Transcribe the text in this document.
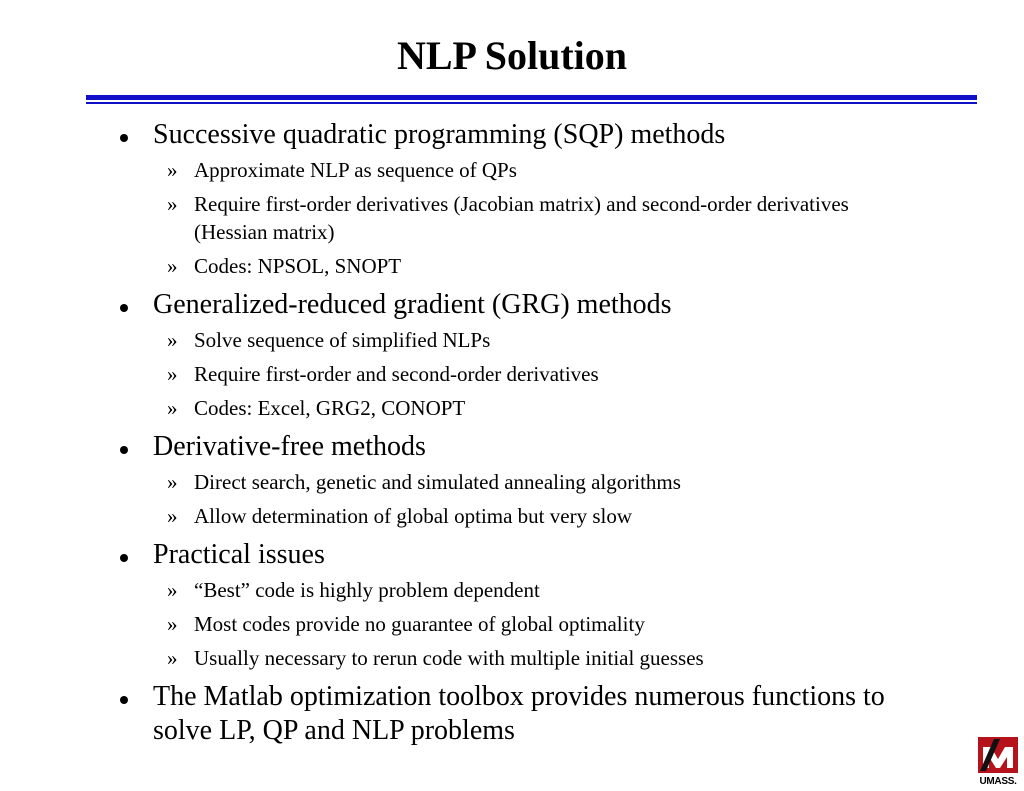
NLP Solution
Successive quadratic programming (SQP) methods
» Approximate NLP as sequence of QPs
» Require first-order derivatives (Jacobian matrix) and second-order derivatives (Hessian matrix)
» Codes: NPSOL, SNOPT
Generalized-reduced gradient (GRG) methods
» Solve sequence of simplified NLPs
» Require first-order and second-order derivatives
» Codes: Excel, GRG2, CONOPT
Derivative-free methods
» Direct search, genetic and simulated annealing algorithms
» Allow determination of global optima but very slow
Practical issues
» “Best” code is highly problem dependent
» Most codes provide no guarantee of global optimality
» Usually necessary to rerun code with multiple initial guesses
The Matlab optimization toolbox provides numerous functions to solve LP, QP and NLP problems
UMASS.
